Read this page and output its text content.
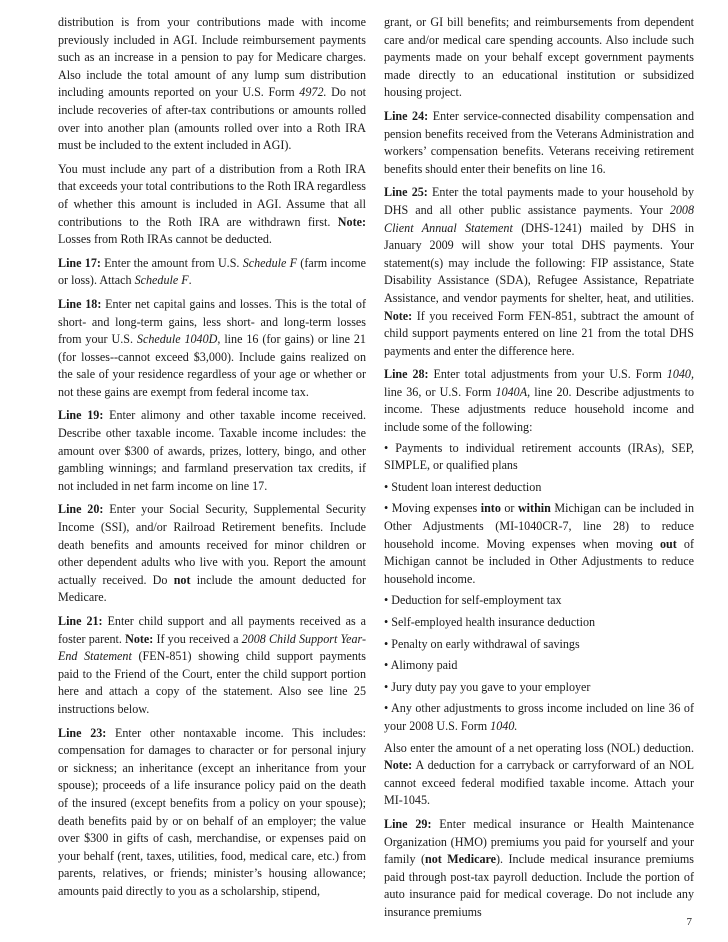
distribution is from your contributions made with income previously included in AGI. Include reimbursement payments such as an increase in a pension to pay for Medicare charges. Also include the total amount of any lump sum distribution including amounts reported on your U.S. Form 4972. Do not include recoveries of after-tax contributions or amounts rolled over into another plan (amounts rolled over into a Roth IRA must be included to the extent included in AGI).

You must include any part of a distribution from a Roth IRA that exceeds your total contributions to the Roth IRA regardless of whether this amount is included in AGI. Assume that all contributions to the Roth IRA are withdrawn first. Note: Losses from Roth IRAs cannot be deducted.

Line 17: Enter the amount from U.S. Schedule F (farm income or loss). Attach Schedule F.

Line 18: Enter net capital gains and losses. This is the total of short- and long-term gains, less short- and long-term losses from your U.S. Schedule 1040D, line 16 (for gains) or line 21 (for losses--cannot exceed $3,000). Include gains realized on the sale of your residence regardless of your age or whether or not these gains are exempt from federal income tax.

Line 19: Enter alimony and other taxable income received. Describe other taxable income. Taxable income includes: the amount over $300 of awards, prizes, lottery, bingo, and other gambling winnings; and farmland preservation tax credits, if not included in net farm income on line 17.

Line 20: Enter your Social Security, Supplemental Security Income (SSI), and/or Railroad Retirement benefits. Include death benefits and amounts received for minor children or other dependent adults who live with you. Report the amount actually received. Do not include the amount deducted for Medicare.

Line 21: Enter child support and all payments received as a foster parent. Note: If you received a 2008 Child Support Year-End Statement (FEN-851) showing child support payments paid to the Friend of the Court, enter the child support portion here and attach a copy of the statement. Also see line 25 instructions below.

Line 23: Enter other nontaxable income. This includes: compensation for damages to character or for personal injury or sickness; an inheritance (except an inheritance from your spouse); proceeds of a life insurance policy paid on the death of the insured (except benefits from a policy on your spouse); death benefits paid by or on behalf of an employer; the value over $300 in gifts of cash, merchandise, or expenses paid on your behalf (rent, taxes, utilities, food, medical care, etc.) from parents, relatives, or friends; minister’s housing allowance; amounts paid directly to you as a scholarship, stipend,

grant, or GI bill benefits; and reimbursements from dependent care and/or medical care spending accounts. Also include such payments made on your behalf except government payments made directly to an educational institution or subsidized housing project.

Line 24: Enter service-connected disability compensation and pension benefits received from the Veterans Administration and workers’ compensation benefits. Veterans receiving retirement benefits should enter their benefits on line 16.

Line 25: Enter the total payments made to your household by DHS and all other public assistance payments. Your 2008 Client Annual Statement (DHS-1241) mailed by DHS in January 2009 will show your total DHS payments. Your statement(s) may include the following: FIP assistance, State Disability Assistance (SDA), Refugee Assistance, Repatriate Assistance, and vendor payments for shelter, heat, and utilities. Note: If you received Form FEN-851, subtract the amount of child support payments entered on line 21 from the total DHS payments and enter the difference here.

Line 28: Enter total adjustments from your U.S. Form 1040, line 36, or U.S. Form 1040A, line 20. Describe adjustments to income. These adjustments reduce household income and include some of the following:

• Payments to individual retirement accounts (IRAs), SEP, SIMPLE, or qualified plans

• Student loan interest deduction

• Moving expenses into or within Michigan can be included in Other Adjustments (MI-1040CR-7, line 28) to reduce household income. Moving expenses when moving out of Michigan cannot be included in Other Adjustments to reduce household income.

• Deduction for self-employment tax

• Self-employed health insurance deduction

• Penalty on early withdrawal of savings

• Alimony paid

• Jury duty pay you gave to your employer

• Any other adjustments to gross income included on line 36 of your 2008 U.S. Form 1040.

Also enter the amount of a net operating loss (NOL) deduction. Note: A deduction for a carryback or carryforward of an NOL cannot exceed federal modified taxable income. Attach your MI-1045.

Line 29: Enter medical insurance or Health Maintenance Organization (HMO) premiums you paid for yourself and your family (not Medicare). Include medical insurance premiums paid through post-tax payroll deduction. Include the portion of auto insurance paid for medical coverage. Do not include any insurance premiums

7
